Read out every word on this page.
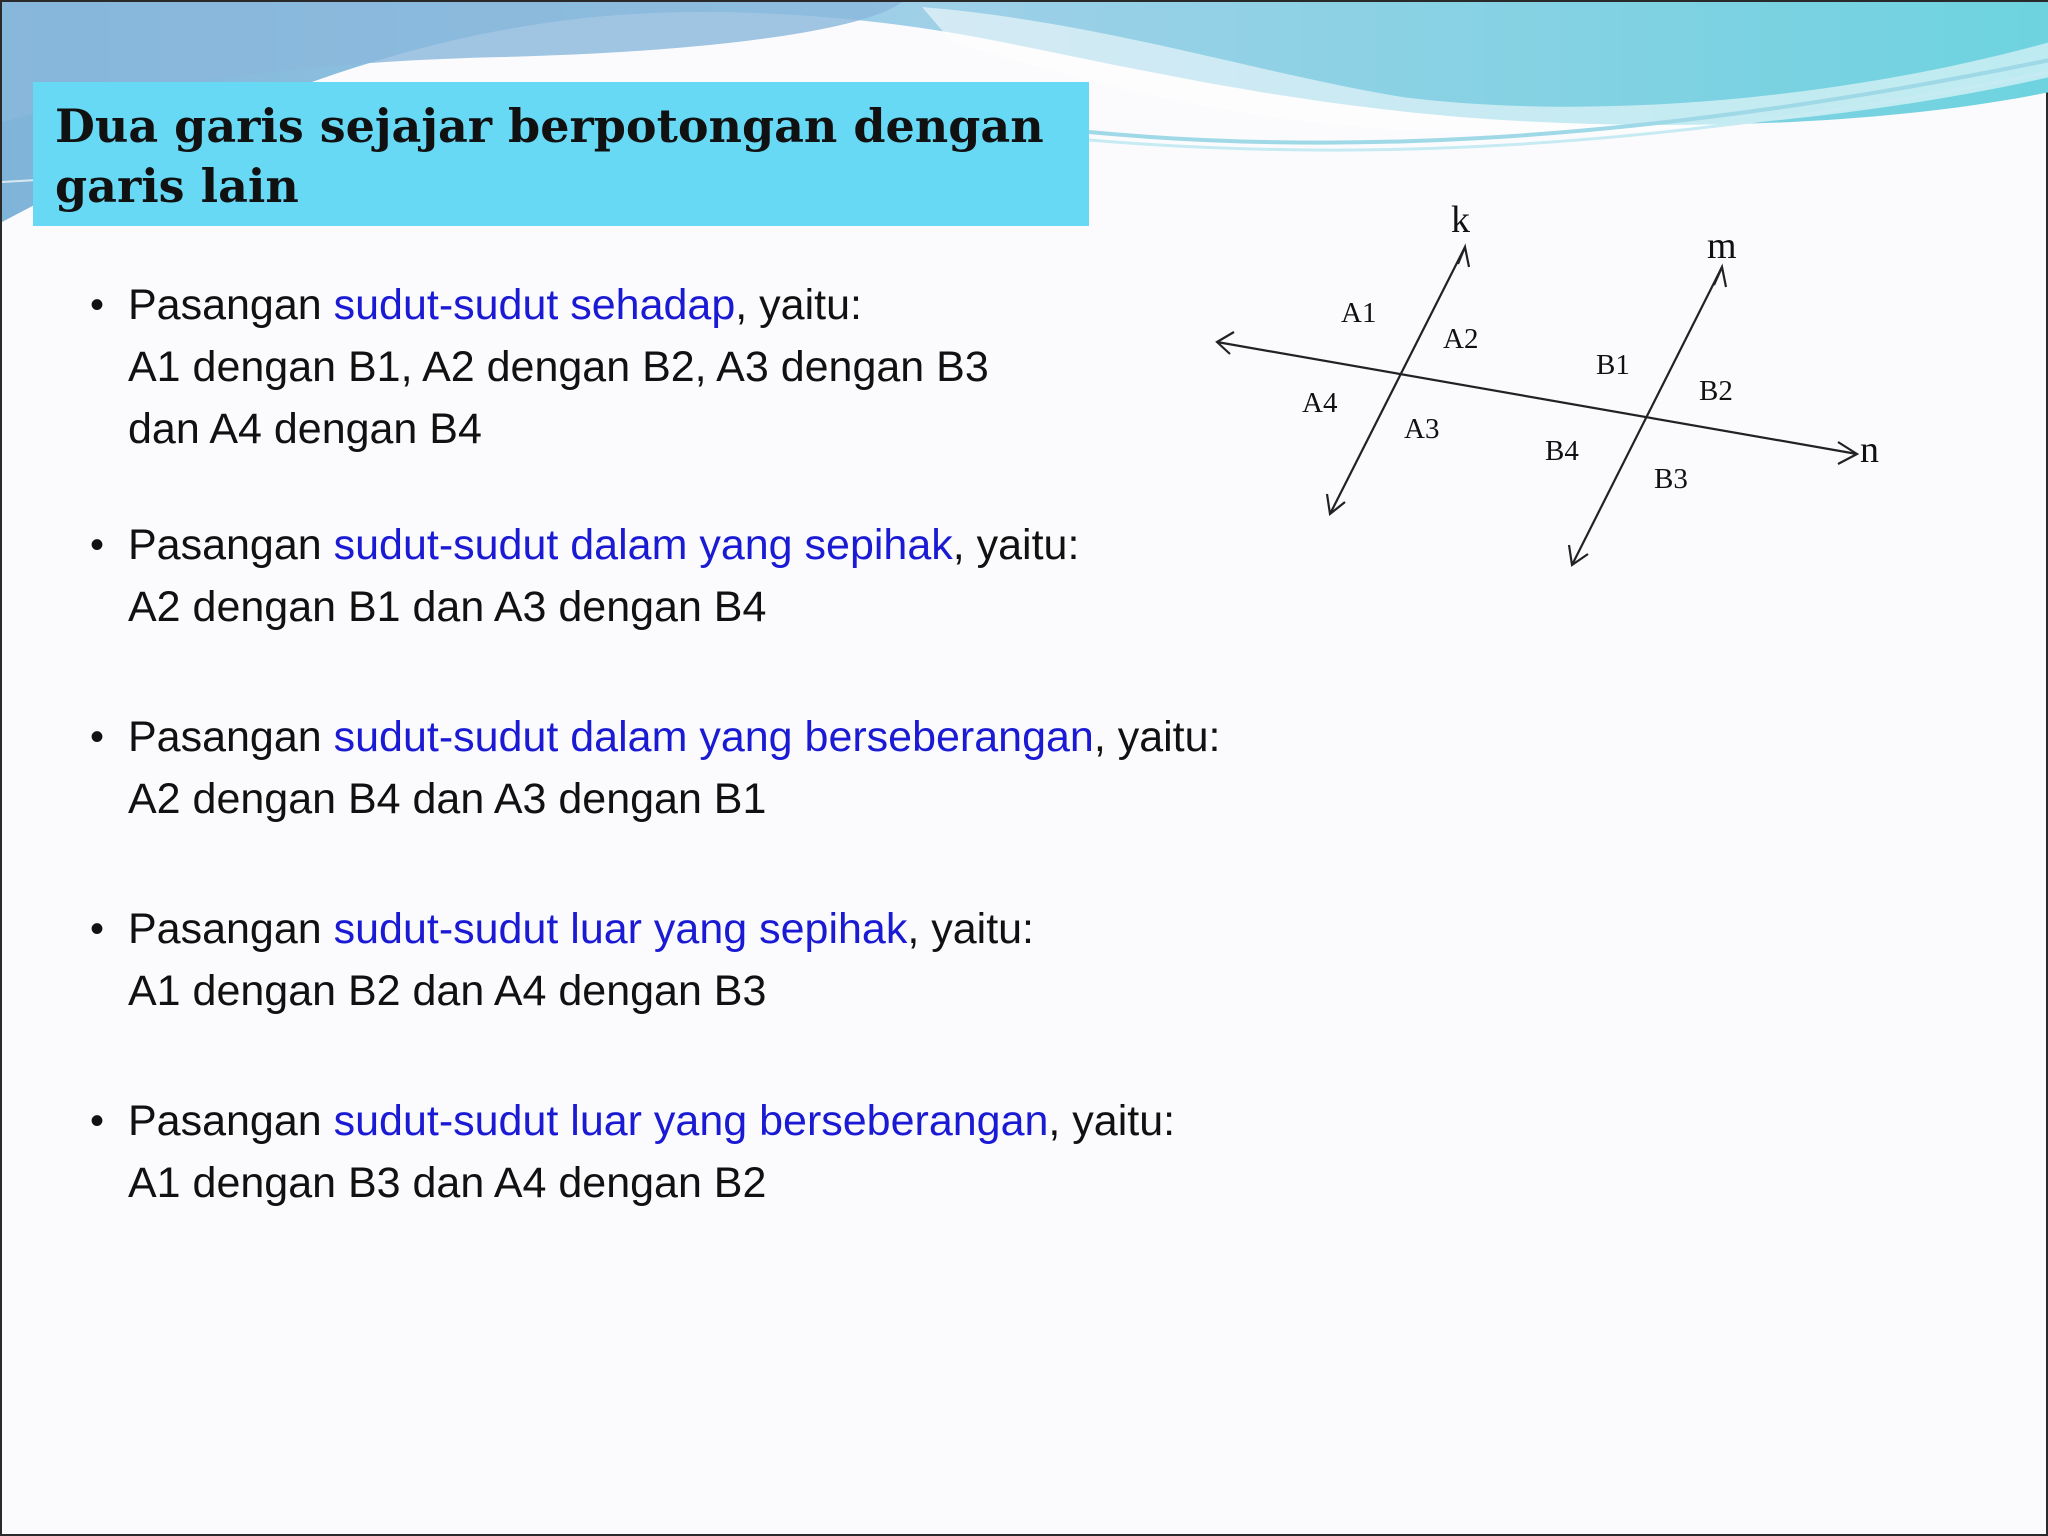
Dua garis sejajar berpotongan dengan
garis lain
• Pasangan sudut-sudut sehadap, yaitu:
A1 dengan B1, A2 dengan B2, A3 dengan B3
dan A4 dengan B4
• Pasangan sudut-sudut dalam yang sepihak, yaitu:
A2 dengan B1 dan A3 dengan B4
• Pasangan sudut-sudut dalam yang berseberangan, yaitu:
A2 dengan B4 dan A3 dengan B1
• Pasangan sudut-sudut luar yang sepihak, yaitu:
A1 dengan B2 dan A4 dengan B3
• Pasangan sudut-sudut luar yang berseberangan, yaitu:
A1 dengan B3 dan A4 dengan B2
k
m
n
A1
A2
A3
A4
B1
B2
B3
B4
